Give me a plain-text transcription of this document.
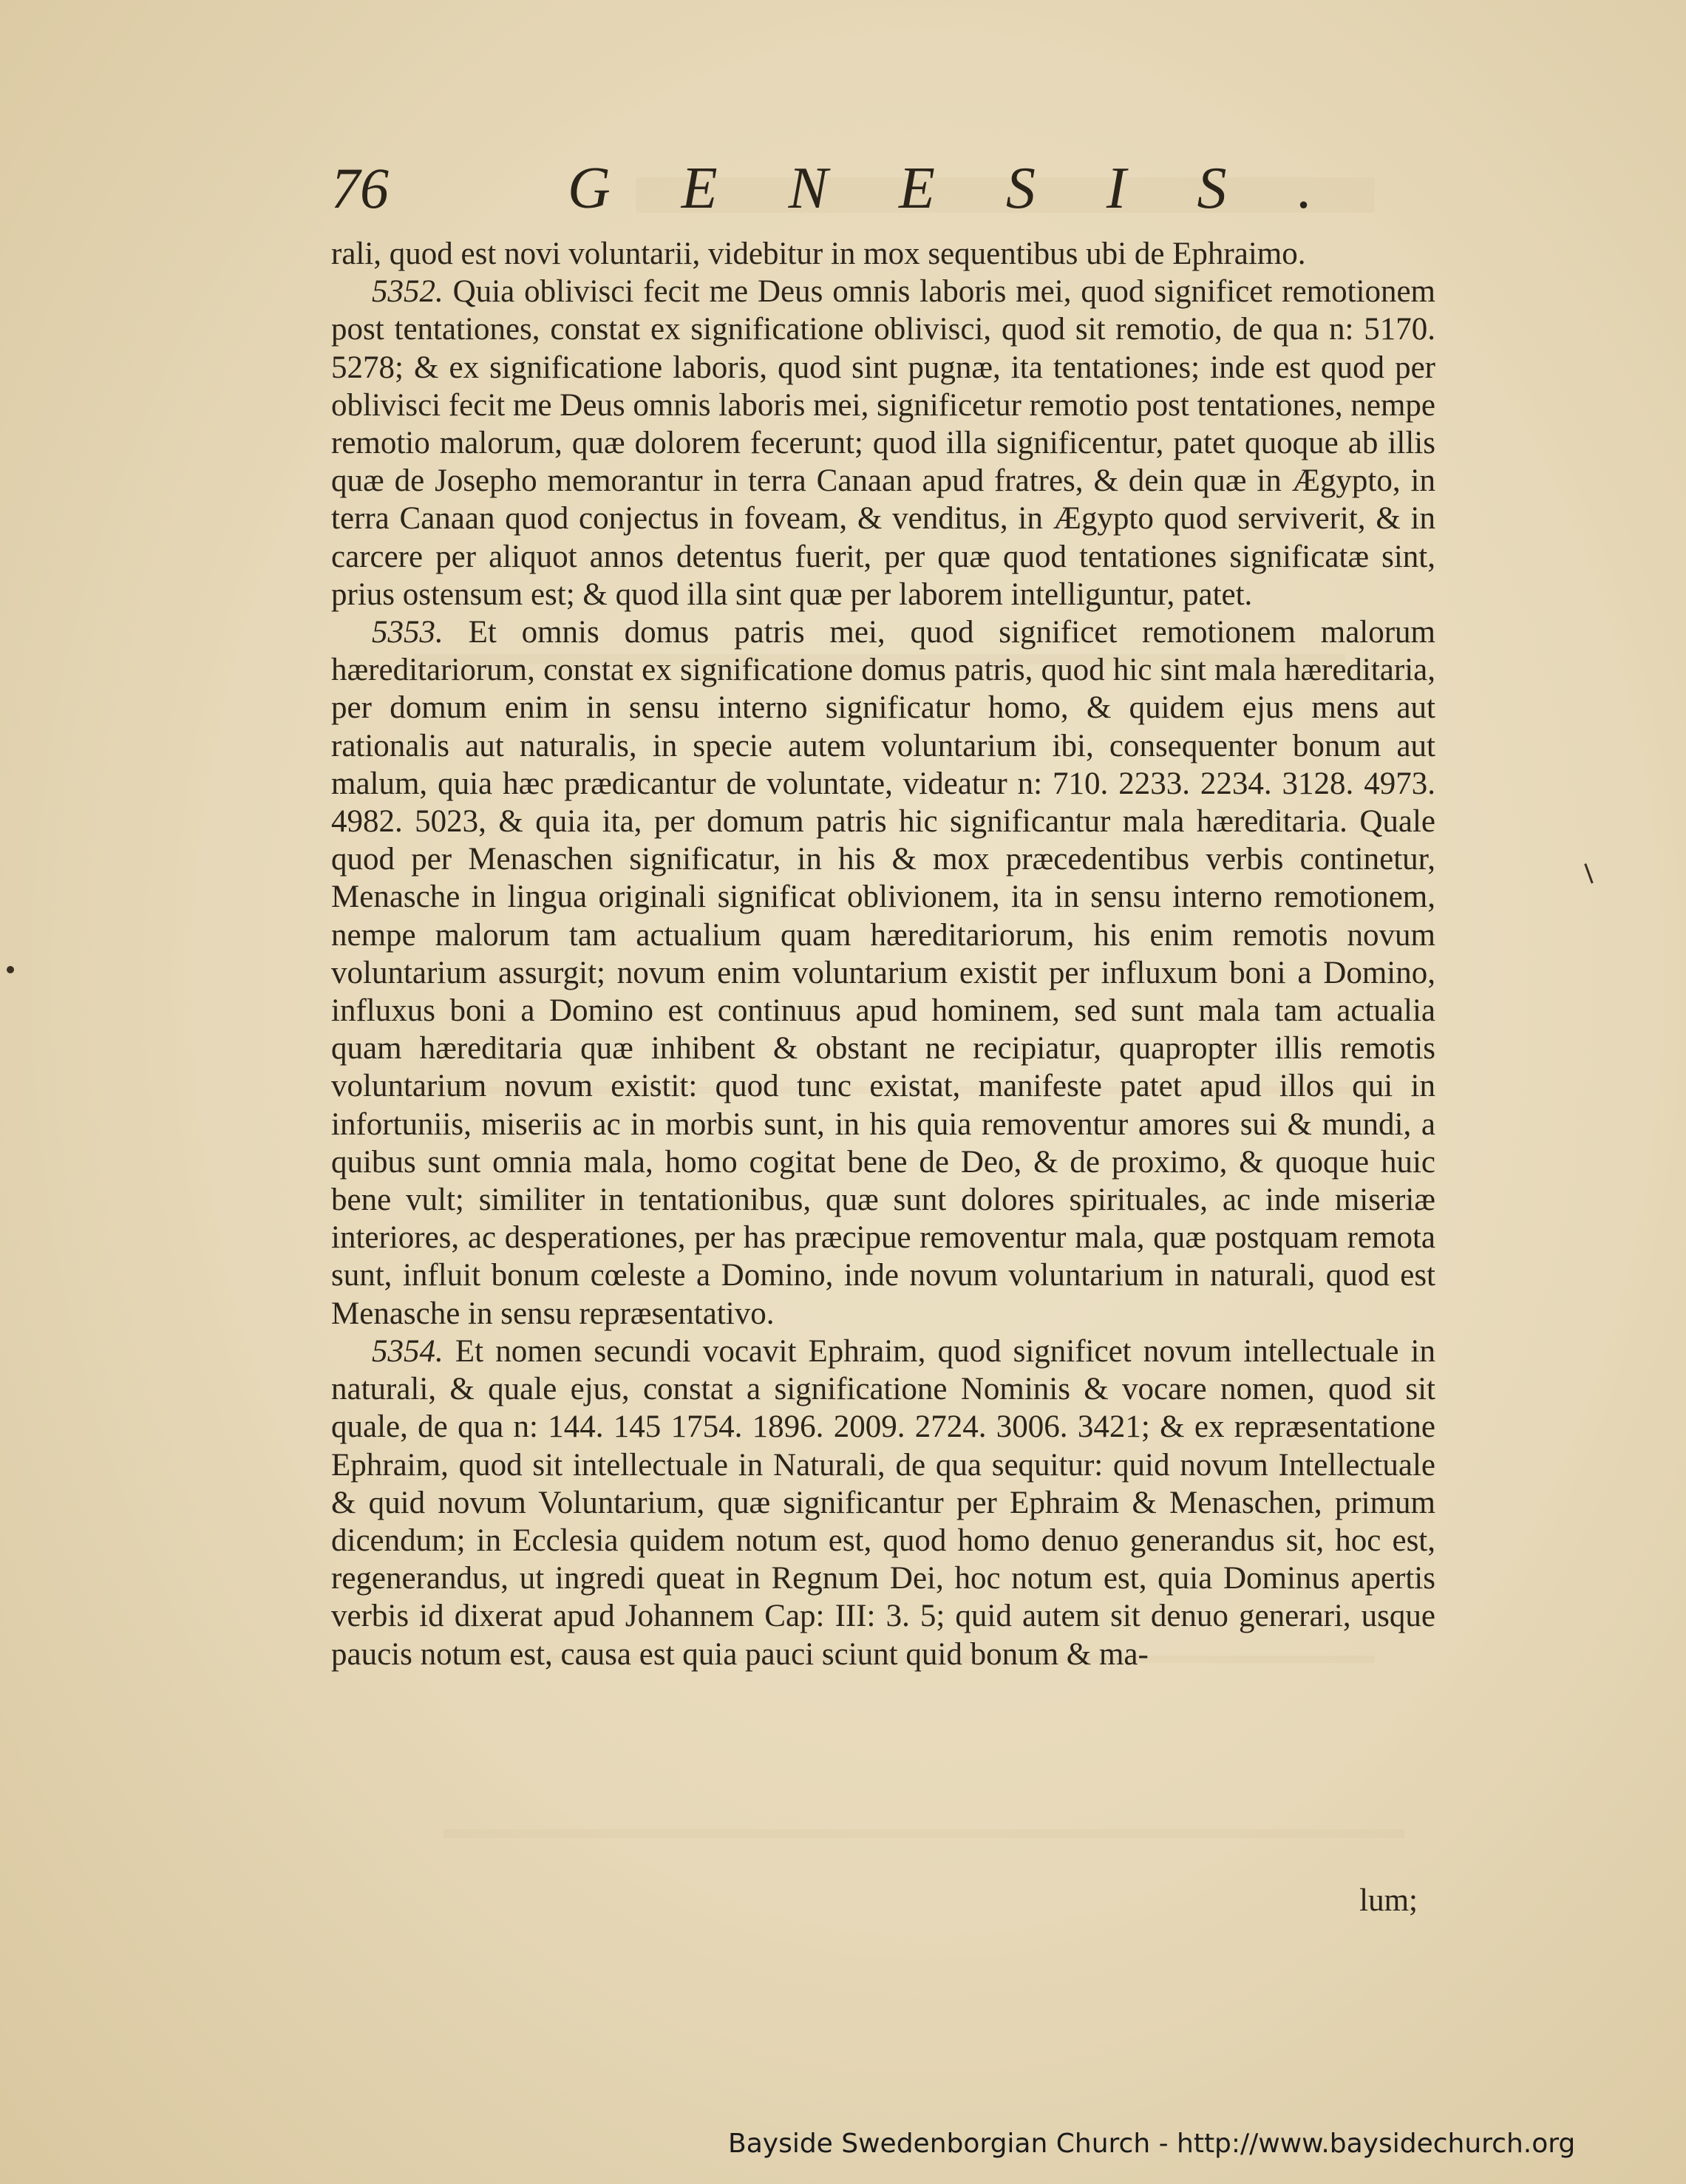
76	GENESIS.

rali, quod est novi voluntarii, videbitur in mox sequentibus ubi de Ephraimo.

5352. Quia oblivisci fecit me Deus omnis laboris mei, quod significet remotionem post tentationes, constat ex significatione oblivisci, quod sit remotio, de qua n: 5170. 5278; & ex significatione laboris, quod sint pugnæ, ita tentationes; inde est quod per oblivisci fecit me Deus omnis laboris mei, significetur remotio post tentationes, nempe remotio malorum, quæ dolorem fecerunt; quod illa significentur, patet quoque ab illis quæ de Josepho memorantur in terra Canaan apud fratres, & dein quæ in Ægypto, in terra Canaan quod conjectus in foveam, & venditus, in Ægypto quod serviverit, & in carcere per aliquot annos detentus fuerit, per quæ quod tentationes significatæ sint, prius ostensum est; & quod illa sint quæ per laborem intelliguntur, patet.

5353. Et omnis domus patris mei, quod significet remotionem malorum hæreditariorum, constat ex significatione domus patris, quod hic sint mala hæreditaria, per domum enim in sensu interno significatur homo, & quidem ejus mens aut rationalis aut naturalis, in specie autem voluntarium ibi, consequenter bonum aut malum, quia hæc prædicantur de voluntate, videatur n: 710. 2233. 2234. 3128. 4973. 4982. 5023, & quia ita, per domum patris hic significantur mala hæreditaria. Quale quod per Menaschen significatur, in his & mox præcedentibus verbis continetur, Menasche in lingua originali significat oblivionem, ita in sensu interno remotionem, nempe malorum tam actualium quam hæreditariorum, his enim remotis novum voluntarium assurgit; novum enim voluntarium existit per influxum boni a Domino, influxus boni a Domino est continuus apud hominem, sed sunt mala tam actualia quam hæreditaria quæ inhibent & obstant ne recipiatur, quapropter illis remotis voluntarium novum existit: quod tunc existat, manifeste patet apud illos qui in infortuniis, miseriis ac in morbis sunt, in his quia removentur amores sui & mundi, a quibus sunt omnia mala, homo cogitat bene de Deo, & de proximo, & quoque huic bene vult; similiter in tentationibus, quæ sunt dolores spirituales, ac inde miseriæ interiores, ac desperationes, per has præcipue removentur mala, quæ postquam remota sunt, influit bonum cœleste a Domino, inde novum voluntarium in naturali, quod est Menasche in sensu repræsentativo.

5354. Et nomen secundi vocavit Ephraim, quod significet novum intellectuale in naturali, & quale ejus, constat a significatione Nominis & vocare nomen, quod sit quale, de qua n: 144. 145 1754. 1896. 2009. 2724. 3006. 3421; & ex repræsentatione Ephraim, quod sit intellectuale in Naturali, de qua sequitur: quid novum Intellectuale & quid novum Voluntarium, quæ significantur per Ephraim & Menaschen, primum dicendum; in Ecclesia quidem notum est, quod homo denuo generandus sit, hoc est, regenerandus, ut ingredi queat in Regnum Dei, hoc notum est, quia Dominus apertis verbis id dixerat apud Johannem Cap: III: 3. 5; quid autem sit denuo generari, usque paucis notum est, causa est quia pauci sciunt quid bonum & ma-

lum;
Bayside Swedenborgian Church - http://www.baysidechurch.org
